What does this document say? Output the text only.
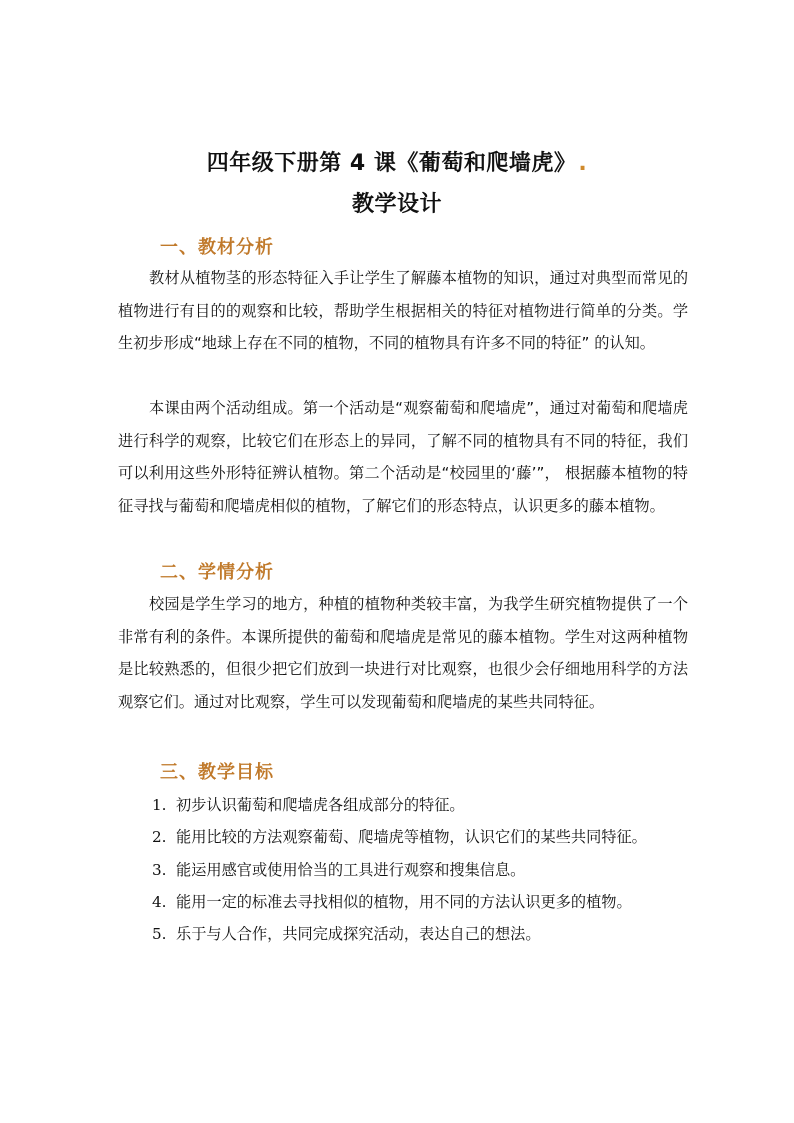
四年级下册第 4 课《葡萄和爬墙虎》.
教学设计
一、教材分析

教材从植物茎的形态特征入手让学生了解藤本植物的知识，通过对典型而常见的植物进行有目的的观察和比较，帮助学生根据相关的特征对植物进行简单的分类。学生初步形成“地球上存在不同的植物，不同的植物具有许多不同的特征” 的认知。

本课由两个活动组成。第一个活动是“观察葡萄和爬墙虎”，通过对葡萄和爬墙虎进行科学的观察，比较它们在形态上的异同，了解不同的植物具有不同的特征，我们可以利用这些外形特征辨认植物。第二个活动是“校园里的‘藤’”， 根据藤本植物的特征寻找与葡萄和爬墙虎相似的植物，了解它们的形态特点，认识更多的藤本植物。

二、学情分析

校园是学生学习的地方，种植的植物种类较丰富，为我学生研究植物提供了一个非常有利的条件。本课所提供的葡萄和爬墙虎是常见的藤本植物。学生对这两种植物是比较熟悉的，但很少把它们放到一块进行对比观察，也很少会仔细地用科学的方法观察它们。通过对比观察，学生可以发现葡萄和爬墙虎的某些共同特征。

三、教学目标
1. 初步认识葡萄和爬墙虎各组成部分的特征。
2. 能用比较的方法观察葡萄、爬墙虎等植物，认识它们的某些共同特征。
3. 能运用感官或使用恰当的工具进行观察和搜集信息。
4. 能用一定的标准去寻找相似的植物，用不同的方法认识更多的植物。
5. 乐于与人合作，共同完成探究活动，表达自己的想法。
